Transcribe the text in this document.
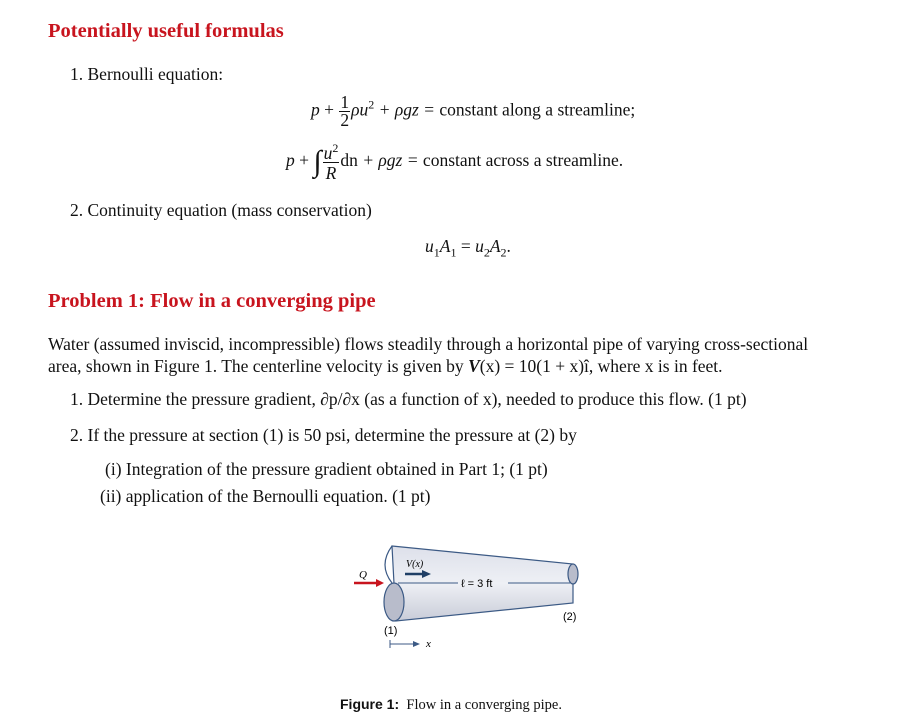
Potentially useful formulas
1. Bernoulli equation:
$p + \frac{1}{2} \rho u^2 + \rho gz$ = constant along a streamline;
p + ∫ $\frac{u^2}{R}dn + \rho gz$ = constant across a streamline.
2. Continuity equation (mass conservation)
$u_1A_1 = u_2A_2$.
Problem 1: Flow in a converging pipe
Water (assumed inviscid, incompressible) flows steadily through a horizontal pipe of varying cross-sectional
area, shown in Figure 1. The centerline velocity is given by V(x) = 10(1 + x)î, where x is in feet.
1. Determine the pressure gradient, ∂p/∂x (as a function of x), needed to produce this flow. (1 pt)
2. If the pressure at section (1) is 50 psi, determine the pressure at (2) by
(i) Integration of the pressure gradient obtained in Part 1; (1 pt)
(ii) application of the Bernoulli equation. (1 pt)
Q
V(x)
ℓ = 3 ft
(1)
(2)
x
Figure 1: Flow in a converging pipe.
